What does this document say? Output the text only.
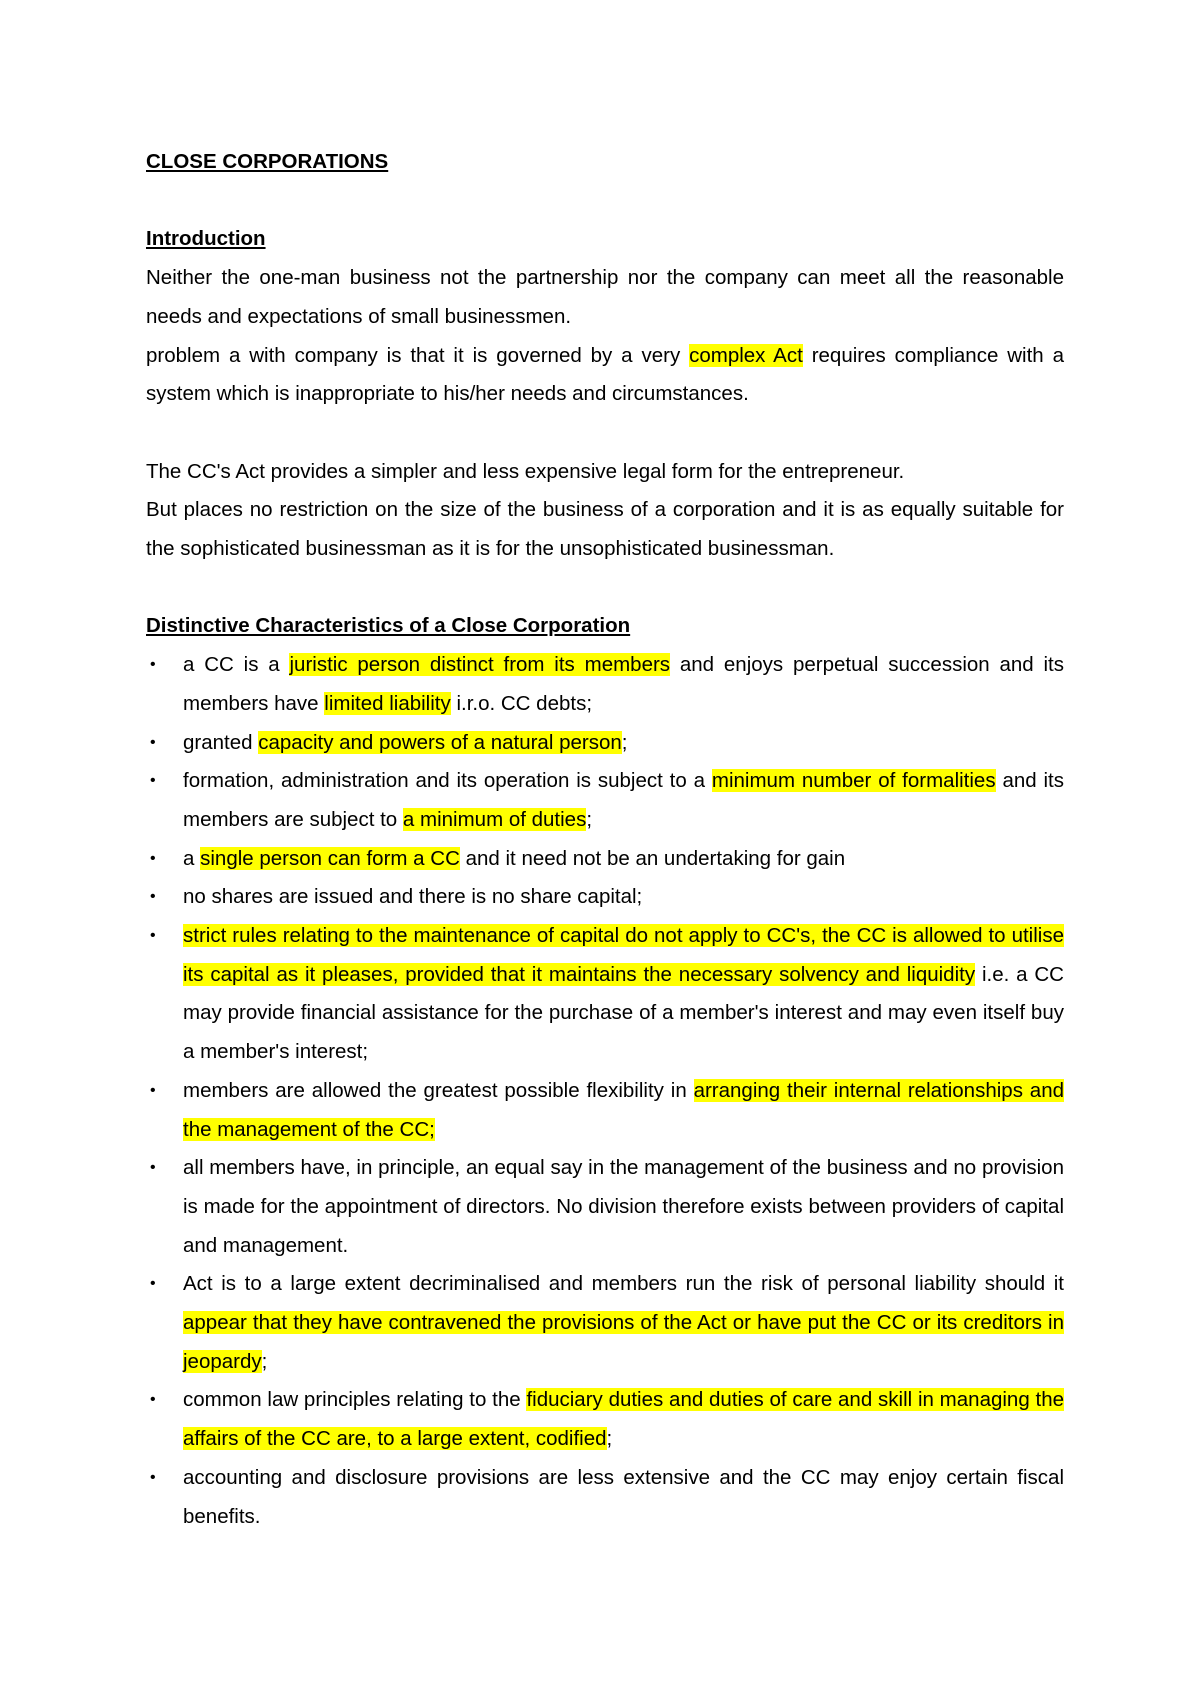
CLOSE CORPORATIONS
Introduction

Neither the one-man business not the partnership nor the company can meet all the reasonable needs and expectations of small businessmen.

problem a with company is that it is governed by a very complex Act requires compliance with a system which is inappropriate to his/her needs and circumstances.

The CC's Act provides a simpler and less expensive legal form for the entrepreneur.

But places no restriction on the size of the business of a corporation and it is as equally suitable for the sophisticated businessman as it is for the unsophisticated businessman.

Distinctive Characteristics of a Close Corporation
• a CC is a juristic person distinct from its members and enjoys perpetual succession and its members have limited liability i.r.o. CC debts;
• granted capacity and powers of a natural person;
• formation, administration and its operation is subject to a minimum number of formalities and its members are subject to a minimum of duties;
• a single person can form a CC and it need not be an undertaking for gain
• no shares are issued and there is no share capital;
• strict rules relating to the maintenance of capital do not apply to CC's, the CC is allowed to utilise its capital as it pleases, provided that it maintains the necessary solvency and liquidity i.e. a CC may provide financial assistance for the purchase of a member's interest and may even itself buy a member's interest;
• members are allowed the greatest possible flexibility in arranging their internal relationships and the management of the CC;
• all members have, in principle, an equal say in the management of the business and no provision is made for the appointment of directors. No division therefore exists between providers of capital and management.
• Act is to a large extent decriminalised and members run the risk of personal liability should it appear that they have contravened the provisions of the Act or have put the CC or its creditors in jeopardy;
• common law principles relating to the fiduciary duties and duties of care and skill in managing the affairs of the CC are, to a large extent, codified;
• accounting and disclosure provisions are less extensive and the CC may enjoy certain fiscal benefits.
